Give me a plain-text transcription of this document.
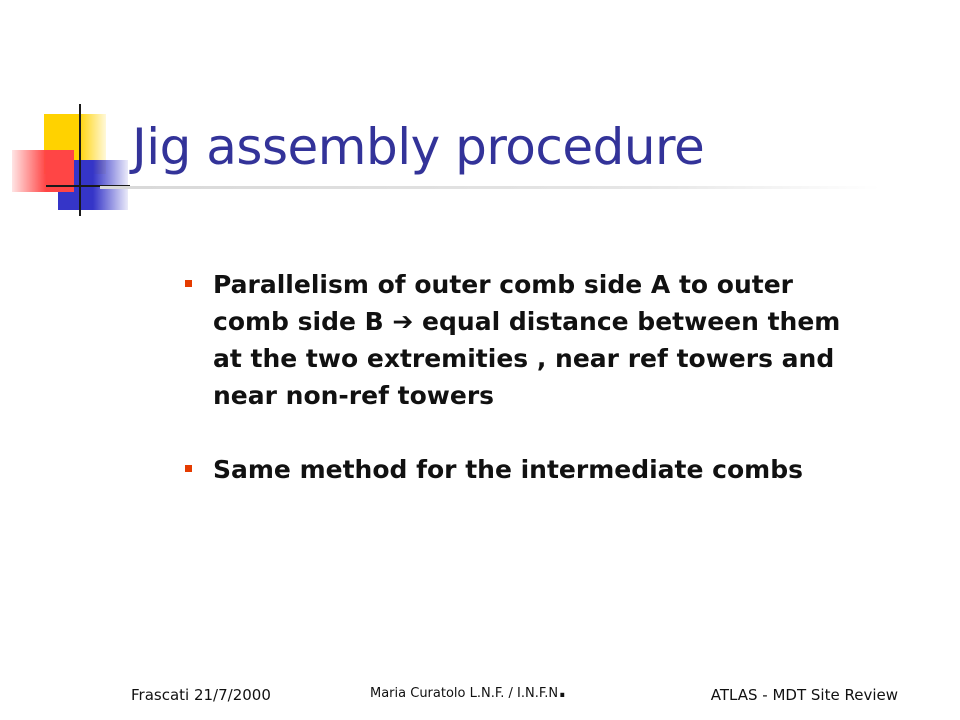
Jig assembly procedure
Parallelism of outer comb side A to outer comb side B ➔ equal distance between them at the two extremities , near ref towers and near non-ref towers
Same method for the intermediate combs
Frascati 21/7/2000	Maria Curatolo L.N.F. / I.N.F.N.	ATLAS - MDT Site Review
